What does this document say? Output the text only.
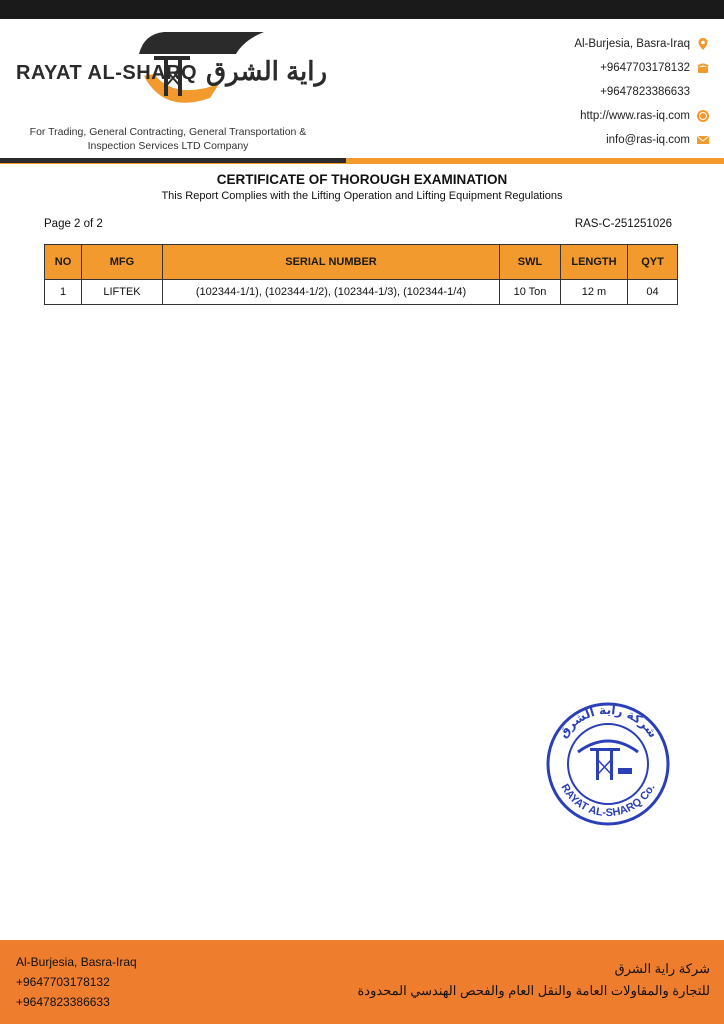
RAYAT AL-SHARQ راية الشرق
For Trading, General Contracting, General Transportation & Inspection Services LTD Company
Al-Burjesia, Basra-Iraq
+9647703178132
+9647823386633
http://www.ras-iq.com
info@ras-iq.com
CERTIFICATE OF THOROUGH EXAMINATION
This Report Complies with the Lifting Operation and Lifting Equipment Regulations
Page 2 of 2	RAS-C-251251026
NO	MFG	SERIAL NUMBER	SWL	LENGTH	QYT
1	LIFTEK	(102344-1/1), (102344-1/2), (102344-1/3), (102344-1/4)	10 Ton	12 m	04
شركة راية الشرق
RAYAT AL-SHARQ Co.
Al-Burjesia, Basra-Iraq
+9647703178132
+9647823386633
شركة راية الشرق
للتجارة والمقاولات العامة والنقل العام والفحص الهندسي المحدودة
